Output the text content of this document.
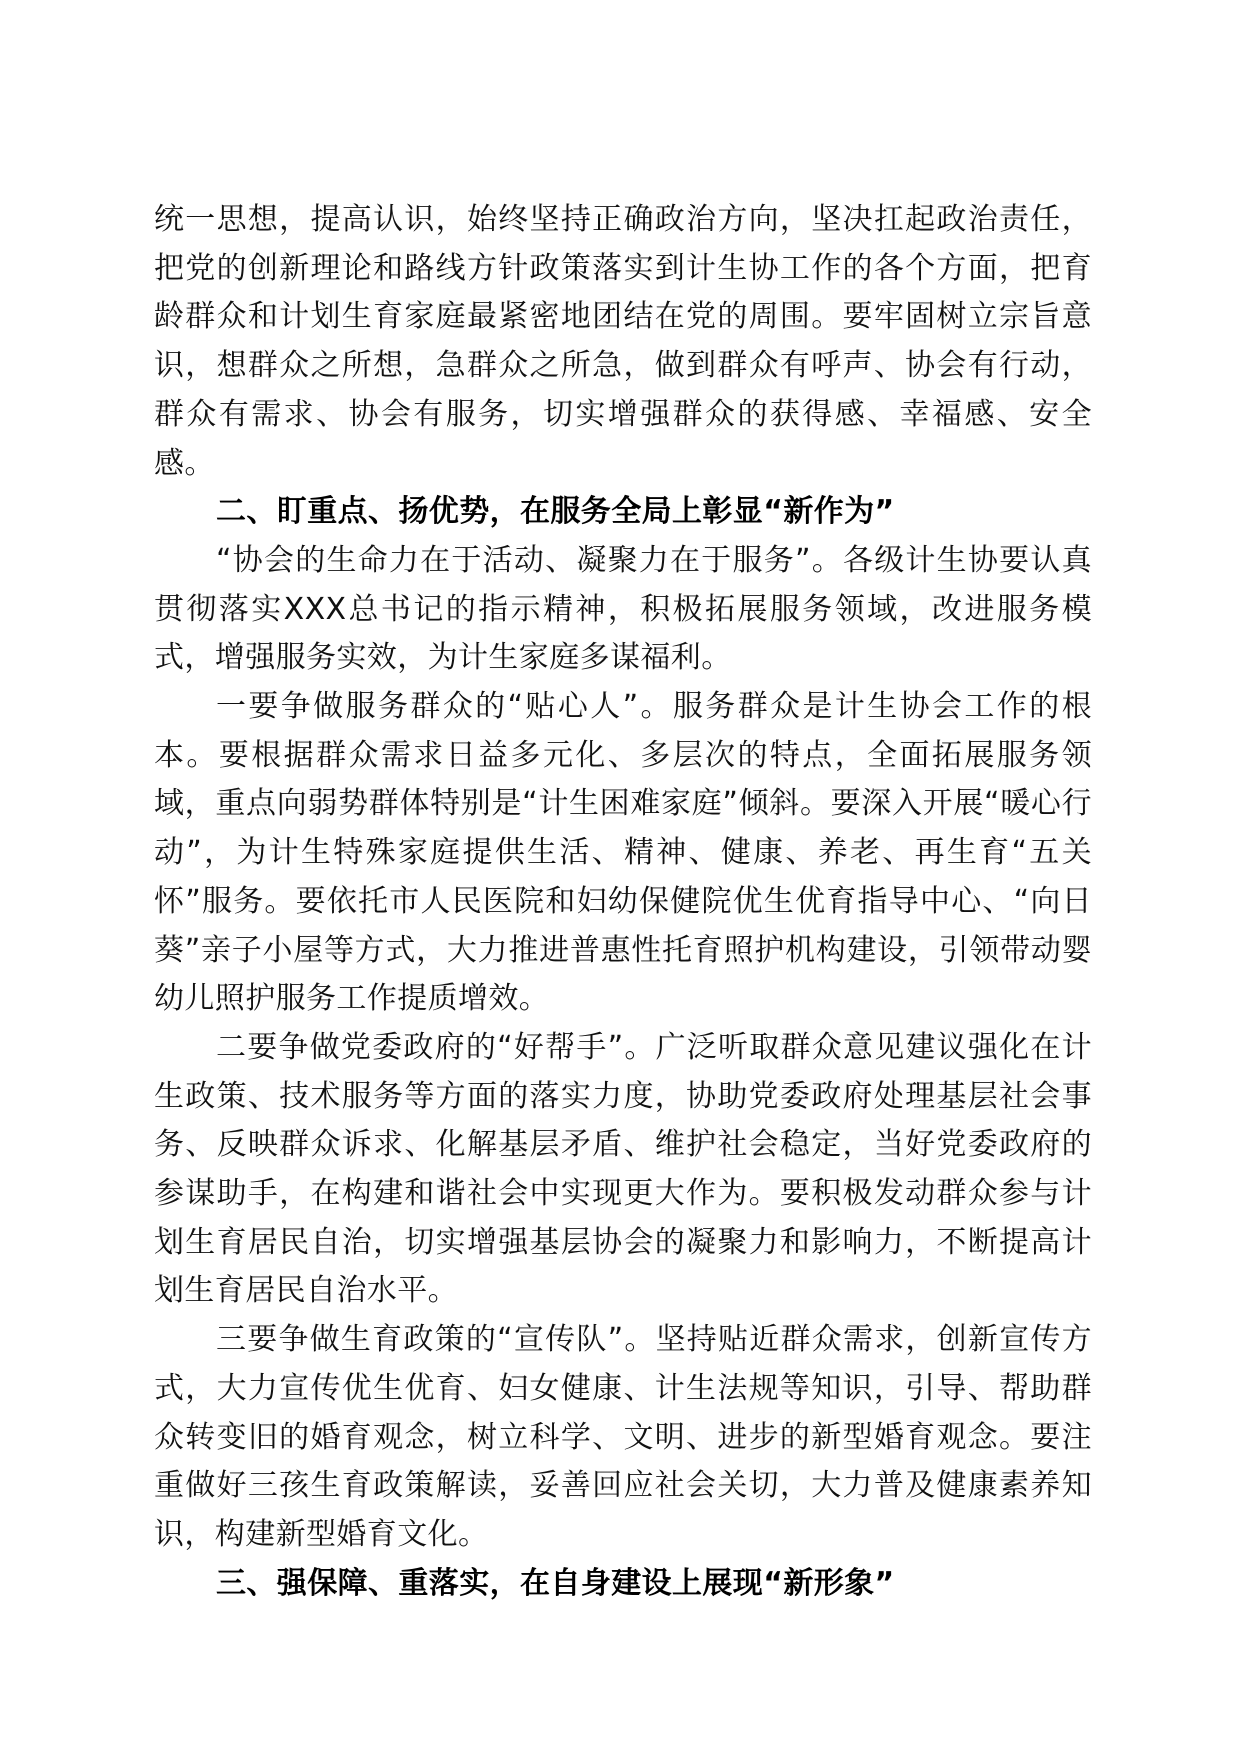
统一思想，提高认识，始终坚持正确政治方向，坚决扛起政治责任，把党的创新理论和路线方针政策落实到计生协工作的各个方面，把育龄群众和计划生育家庭最紧密地团结在党的周围。要牢固树立宗旨意识，想群众之所想，急群众之所急，做到群众有呼声、协会有行动，群众有需求、协会有服务，切实增强群众的获得感、幸福感、安全感。

二、盯重点、扬优势，在服务全局上彰显“新作为”

“协会的生命力在于活动、凝聚力在于服务”。各级计生协要认真贯彻落实XXX总书记的指示精神，积极拓展服务领域，改进服务模式，增强服务实效，为计生家庭多谋福利。

一要争做服务群众的“贴心人”。服务群众是计生协会工作的根本。要根据群众需求日益多元化、多层次的特点，全面拓展服务领域，重点向弱势群体特别是“计生困难家庭”倾斜。要深入开展“暖心行动”，为计生特殊家庭提供生活、精神、健康、养老、再生育“五关怀”服务。要依托市人民医院和妇幼保健院优生优育指导中心、“向日葵”亲子小屋等方式，大力推进普惠性托育照护机构建设，引领带动婴幼儿照护服务工作提质增效。

二要争做党委政府的“好帮手”。广泛听取群众意见建议强化在计生政策、技术服务等方面的落实力度，协助党委政府处理基层社会事务、反映群众诉求、化解基层矛盾、维护社会稳定，当好党委政府的参谋助手，在构建和谐社会中实现更大作为。要积极发动群众参与计划生育居民自治，切实增强基层协会的凝聚力和影响力，不断提高计划生育居民自治水平。

三要争做生育政策的“宣传队”。坚持贴近群众需求，创新宣传方式，大力宣传优生优育、妇女健康、计生法规等知识，引导、帮助群众转变旧的婚育观念，树立科学、文明、进步的新型婚育观念。要注重做好三孩生育政策解读，妥善回应社会关切，大力普及健康素养知识，构建新型婚育文化。

三、强保障、重落实，在自身建设上展现“新形象”
